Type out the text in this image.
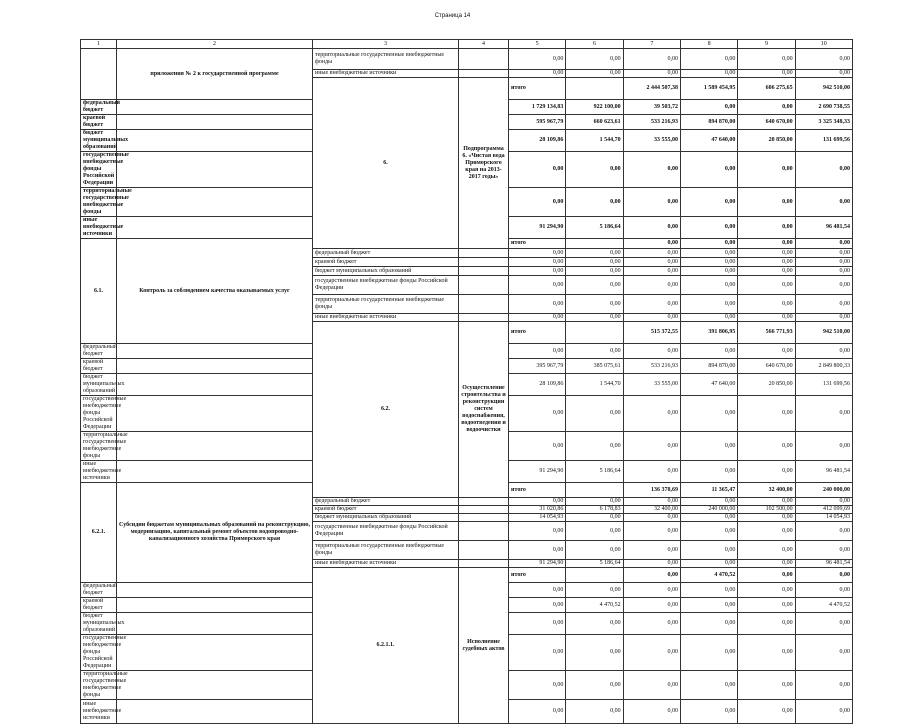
Страница 14
1	2	3	4	5	6	7	8	9	10	
	приложения № 2 к государственной программе	территориальные государственные внебюджетные фонды		0,00	0,00	0,00	0,00	0,00	0,00	
		иные внебюджетные источники		0,00	0,00	0,00	0,00	0,00	0,00	
		6.	Подпрограмма 6. «Чистая вода Приморского края на 2013- 2017 годы»	итого		2 444 507,38	1 589 454,95	606 275,65	942 510,00		
федеральный бюджет				1 729 134,83	922 100,00	39 503,72	0,00	0,00	2 690 738,55	
краевой бюджет				595 967,79	660 623,61	533 216,93	894 870,00	640 670,00	3 325 348,33	
бюджет муниципальных образований				28 109,86	1 544,70	33 555,00	47 640,00	20 850,00	131 699,56	
государственные внебюджетные фонды Российской Федерации				0,00	0,00	0,00	0,00	0,00	0,00	
территориальные государственные внебюджетные фонды				0,00	0,00	0,00	0,00	0,00	0,00	
иные внебюджетные источники				91 294,90	5 186,64	0,00	0,00	0,00	96 481,54	
6.1.	Контроль за соблюдением качества оказываемых услуг			итого		0,00	0,00	0,00	0,00		
		федеральный бюджет		0,00	0,00	0,00	0,00	0,00	0,00	
		краевой бюджет		0,00	0,00	0,00	0,00	0,00	0,00	
		бюджет муниципальных образований		0,00	0,00	0,00	0,00	0,00	0,00	
		государственные внебюджетные фонды Российской Федерации		0,00	0,00	0,00	0,00	0,00	0,00	
		территориальные государственные внебюджетные фонды		0,00	0,00	0,00	0,00	0,00	0,00	
		иные внебюджетные источники		0,00	0,00	0,00	0,00	0,00	0,00	
		6.2.	Осуществление строительства и реконструкции систем водоснабжения, водоотведения и водоочистки	итого		515 372,55	391 806,95	566 771,93	942 510,00		
федеральный бюджет				0,00	0,00	0,00	0,00	0,00	0,00	
краевой бюджет				395 967,79	385 075,61	533 216,93	894 870,00	640 670,00	2 849 800,33	
бюджет муниципальных образований				28 109,86	1 544,70	33 555,00	47 640,00	20 850,00	131 699,56	
государственные внебюджетные фонды Российской Федерации				0,00	0,00	0,00	0,00	0,00	0,00	
территориальные государственные внебюджетные фонды				0,00	0,00	0,00	0,00	0,00	0,00	
иные внебюджетные источники				91 294,90	5 186,64	0,00	0,00	0,00	96 481,54	
6.2.1.	Субсидии бюджетам муниципальных образований на реконструкцию, модернизацию, капитальный ремонт объектов водопроводно-канализационного хозяйства Приморского края			итого		136 378,69	11 365,47	32 400,00	240 000,00		
		федеральный бюджет		0,00	0,00	0,00	0,00	0,00	0,00	
		краевой бюджет		31 020,86	6 178,83	32 400,00	240 000,00	102 500,00	412 099,69	
		бюджет муниципальных образований		14 054,93	0,00	0,00	0,00	0,00	14 054,93	
		государственные внебюджетные фонды Российской Федерации		0,00	0,00	0,00	0,00	0,00	0,00	
		территориальные государственные внебюджетные фонды		0,00	0,00	0,00	0,00	0,00	0,00	
		иные внебюджетные источники		91 294,90	5 186,64	0,00	0,00	0,00	96 481,54	
		6.2.1.1.	Исполнение судебных актов	итого		0,00	4 470,52	0,00	0,00		
федеральный бюджет				0,00	0,00	0,00	0,00	0,00	0,00	
краевой бюджет				0,00	4 470,52	0,00	0,00	0,00	4 470,52	
бюджет муниципальных образований				0,00	0,00	0,00	0,00	0,00	0,00	
государственные внебюджетные фонды Российской Федерации				0,00	0,00	0,00	0,00	0,00	0,00	
территориальные государственные внебюджетные фонды				0,00	0,00	0,00	0,00	0,00	0,00	
иные внебюджетные источники				0,00	0,00	0,00	0,00	0,00	0,00	
